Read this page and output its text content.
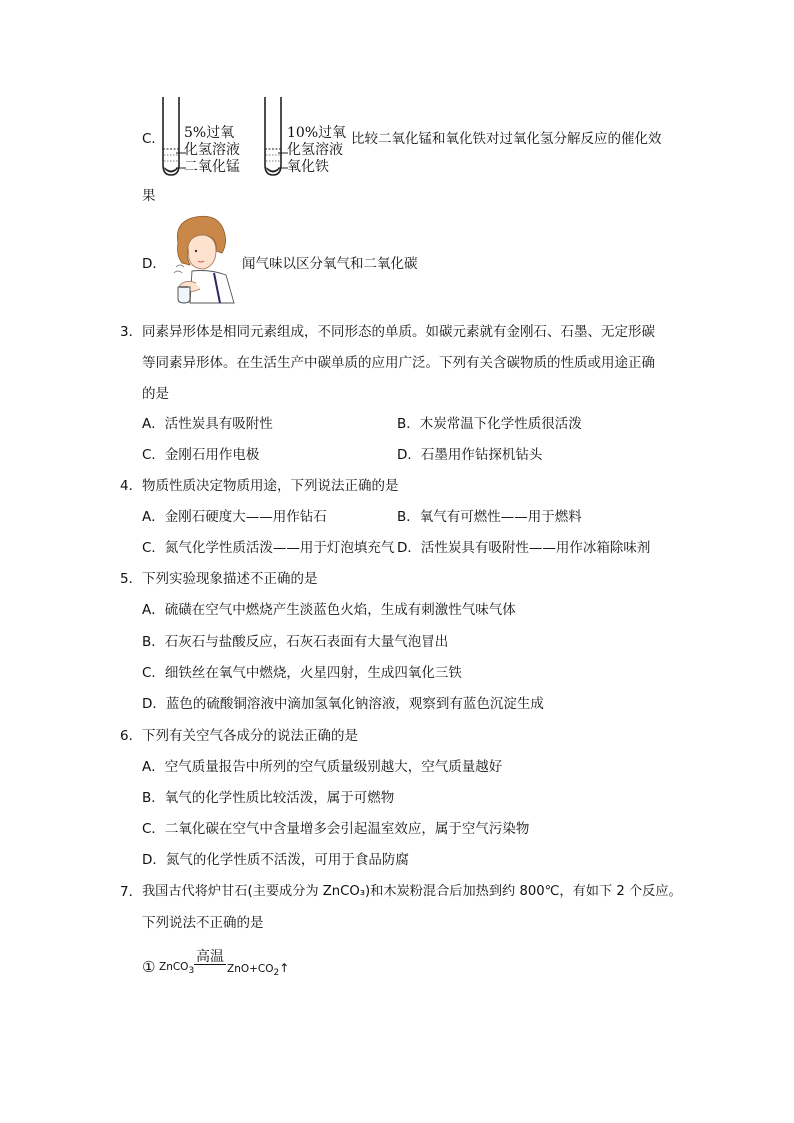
C． 5%过氧
化氢溶液
二氧化锰
10%过氧
化氢溶液
氧化铁
比较二氧化锰和氧化铁对过氧化氢分解反应的催化效
果
D．	闻气味以区分氧气和二氧化碳
3． 同素异形体是相同元素组成，不同形态的单质。如碳元素就有金刚石、石墨、无定形碳
等同素异形体。在生活生产中碳单质的应用广泛。下列有关含碳物质的性质或用途正确
的是
A．活性炭具有吸附性	B．木炭常温下化学性质很活泼
C．金刚石用作电极	D．石墨用作钻探机钻头
4． 物质性质决定物质用途，下列说法正确的是
A．金刚石硬度大——用作钻石	B．氧气有可燃性——用于燃料
C．氮气化学性质活泼——用于灯泡填充气 D．活性炭具有吸附性——用作冰箱除味剂
5． 下列实验现象描述不正确的是
A．硫磺在空气中燃烧产生淡蓝色火焰，生成有刺激性气味气体
B．石灰石与盐酸反应，石灰石表面有大量气泡冒出
C．细铁丝在氧气中燃烧，火星四射，生成四氧化三铁
D．蓝色的硫酸铜溶液中滴加氢氧化钠溶液，观察到有蓝色沉淀生成
6． 下列有关空气各成分的说法正确的是
A．空气质量报告中所列的空气质量级别越大，空气质量越好
B．氧气的化学性质比较活泼，属于可燃物
C．二氧化碳在空气中含量增多会引起温室效应，属于空气污染物
D．氮气的化学性质不活泼，可用于食品防腐
7． 我国古代将炉甘石(主要成分为 ZnCO₃)和木炭粉混合后加热到约 800℃，有如下 2 个反应。
下列说法不正确的是
① ZnCO3
高温
ZnO+CO2↑
